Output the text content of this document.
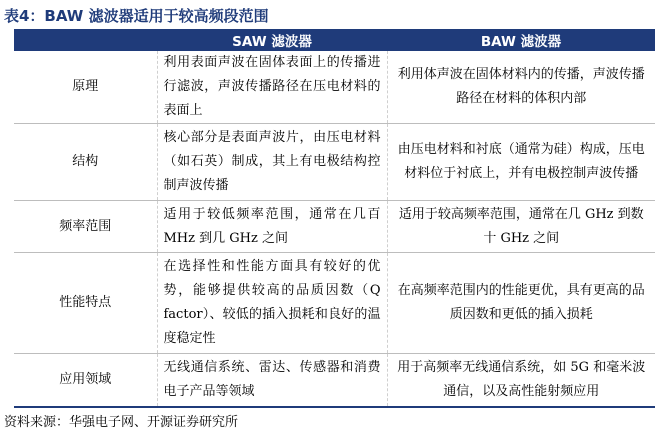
表4：BAW 滤波器适用于较高频段范围
	SAW 滤波器	BAW 滤波器
原理	利用表面声波在固体表面上的传播进行滤波，声波传播路径在压电材料的表面上	利用体声波在固体材料内的传播，声波传播路径在材料的体积内部
结构	核心部分是表面声波片，由压电材料（如石英）制成，其上有电极结构控制声波传播	由压电材料和衬底（通常为硅）构成，压电材料位于衬底上，并有电极控制声波传播
频率范围	适用于较低频率范围，通常在几百 MHz 到几 GHz 之间	适用于较高频率范围，通常在几 GHz 到数十 GHz 之间
性能特点	在选择性和性能方面具有较好的优势，能够提供较高的品质因数（Q factor）、较低的插入损耗和良好的温度稳定性	在高频率范围内的性能更优，具有更高的品质因数和更低的插入损耗
应用领域	无线通信系统、雷达、传感器和消费电子产品等领域	用于高频率无线通信系统，如 5G 和毫米波通信，以及高性能射频应用
资料来源：华强电子网、开源证券研究所
